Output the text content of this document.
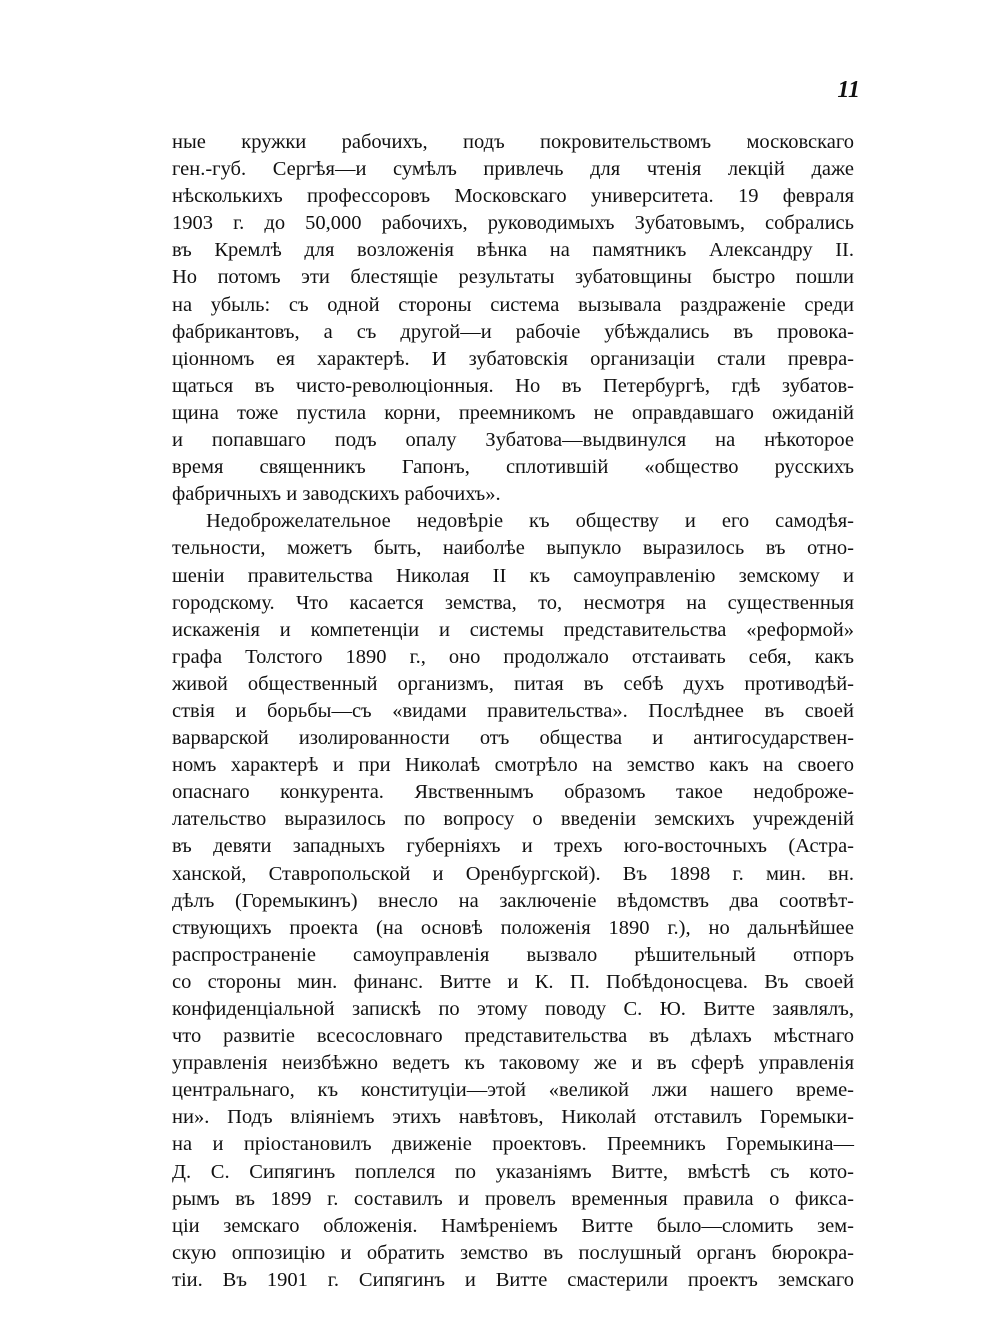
11
ные кружки рабочихъ, подъ покровительствомъ московскаго
ген.-губ. Сергѣя—и сумѣлъ привлечь для чтенія лекцій даже
нѣсколькихъ профессоровъ Московскаго университета. 19 февраля
1903 г. до 50,000 рабочихъ, руководимыхъ Зубатовымъ, собрались
въ Кремлѣ для возложенія вѣнка на памятникъ Александру II.
Но потомъ эти блестящіе результаты зубатовщины быстро пошли
на убыль: съ одной стороны система вызывала раздраженіе среди
фабрикантовъ, а съ другой—и рабочіе убѣждались въ провока-
ціонномъ ея характерѣ. И зубатовскія организаціи стали превра-
щаться въ чисто-революціонныя. Но въ Петербургѣ, гдѣ зубатов-
щина тоже пустила корни, преемникомъ не оправдавшаго ожиданій
и попавшаго подъ опалу Зубатова—выдвинулся на нѣкоторое
время священникъ Гапонъ, сплотившій «общество русскихъ
фабричныхъ и заводскихъ рабочихъ».
Недоброжелательное недовѣріе къ обществу и его самодѣя-
тельности, можетъ быть, наиболѣе выпукло выразилось въ отно-
шеніи правительства Николая II къ самоуправленію земскому и
городскому. Что касается земства, то, несмотря на существенныя
искаженія и компетенціи и системы представительства «реформой»
графа Толстого 1890 г., оно продолжало отстаивать себя, какъ
живой общественный организмъ, питая въ себѣ духъ противодѣй-
ствія и борьбы—съ «видами правительства». Послѣднее въ своей
варварской изолированности отъ общества и антигосударствен-
номъ характерѣ и при Николаѣ смотрѣло на земство какъ на своего
опаснаго конкурента. Явственнымъ образомъ такое недоброже-
лательство выразилось по вопросу о введеніи земскихъ учрежденій
въ девяти западныхъ губерніяхъ и трехъ юго-восточныхъ (Астра-
ханской, Ставропольской и Оренбургской). Въ 1898 г. мин. вн.
дѣлъ (Горемыкинъ) внесло на заключеніе вѣдомствъ два соотвѣт-
ствующихъ проекта (на основѣ положенія 1890 г.), но дальнѣйшее
распространеніе самоуправленія вызвало рѣшительный отпоръ
со стороны мин. финанс. Витте и К. П. Побѣдоносцева. Въ своей
конфиденціальной запискѣ по этому поводу С. Ю. Витте заявлялъ,
что развитіе всесословнаго представительства въ дѣлахъ мѣстнаго
управленія неизбѣжно ведетъ къ таковому же и въ сферѣ управленія
центральнаго, къ конституціи—этой «великой лжи нашего време-
ни». Подъ вліяніемъ этихъ навѣтовъ, Николай отставилъ Горемыки-
на и пріостановилъ движеніе проектовъ. Преемникъ Горемыкина—
Д. С. Сипягинъ поплелся по указаніямъ Витте, вмѣстѣ съ кото-
рымъ въ 1899 г. составилъ и провелъ временныя правила о фикса-
ціи земскаго обложенія. Намѣреніемъ Витте было—сломить зем-
скую оппозицію и обратить земство въ послушный органъ бюрокра-
тіи. Въ 1901 г. Сипягинъ и Витте смастерили проектъ земскаго
